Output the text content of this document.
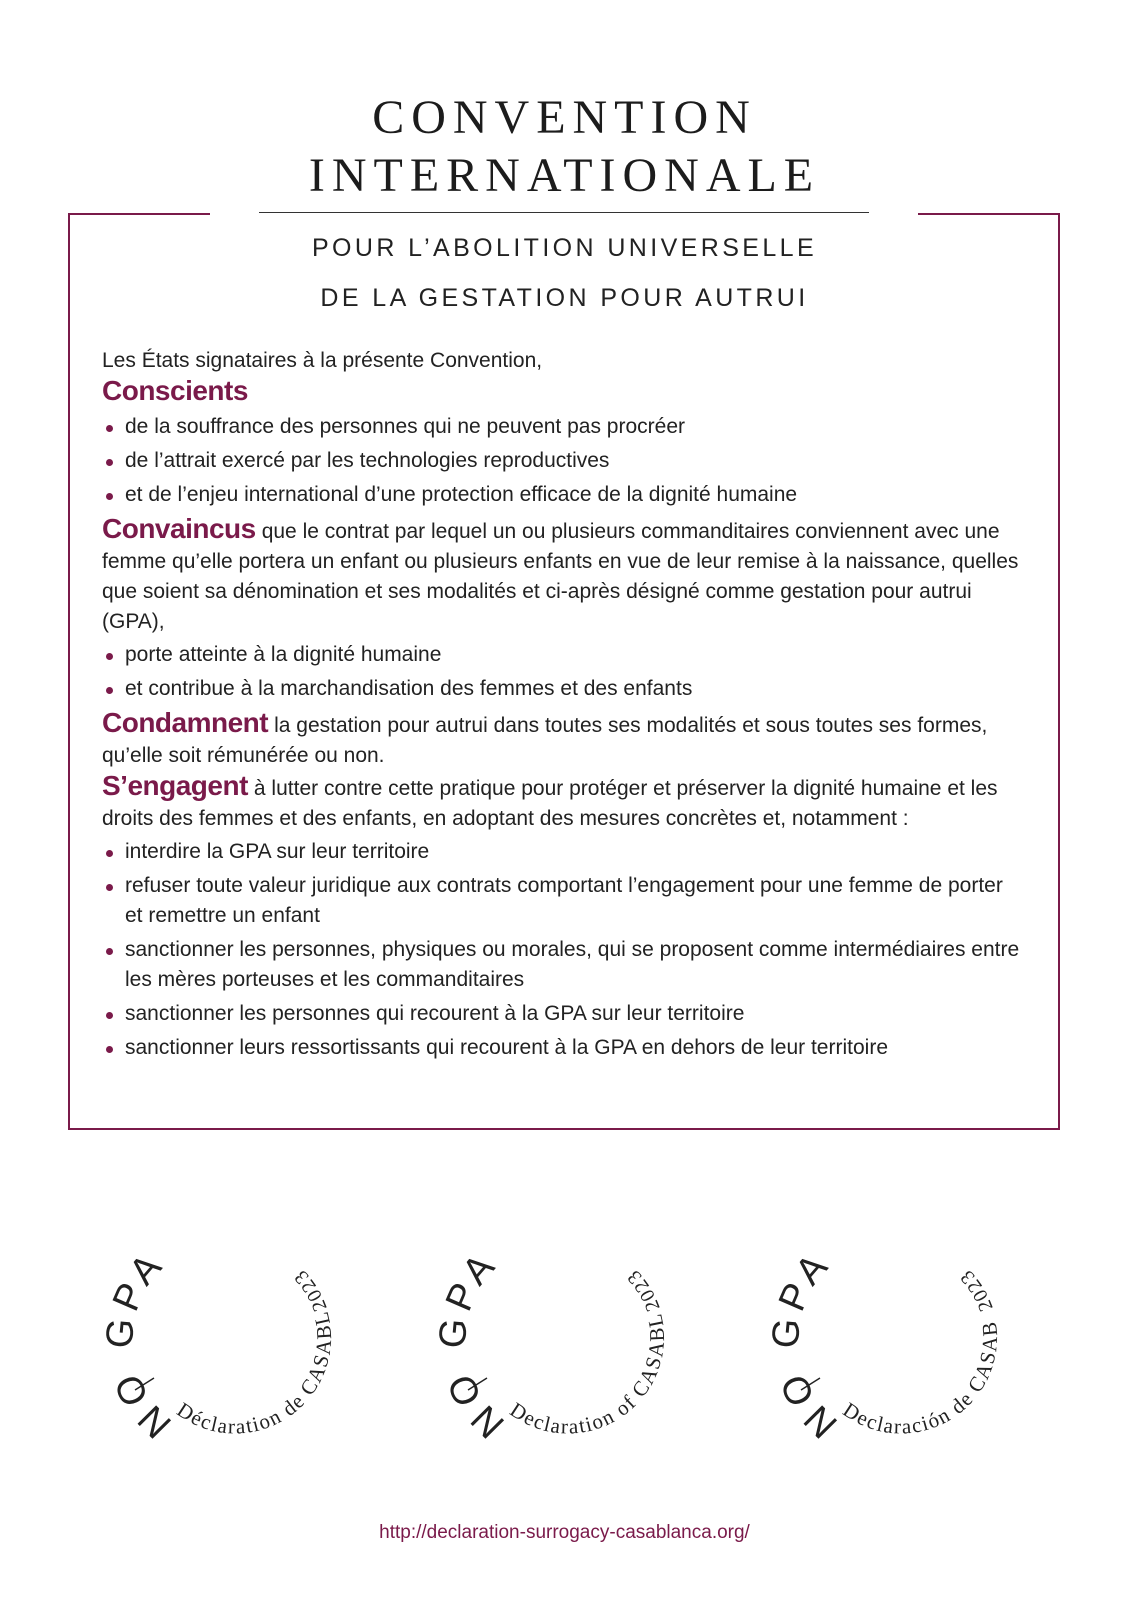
CONVENTION
INTERNATIONALE
POUR L’ABOLITION UNIVERSELLE
DE LA GESTATION POUR AUTRUI

Les États signataires à la présente Convention,

Conscients

de la souffrance des personnes qui ne peuvent pas procréer
de l’attrait exercé par les technologies reproductives
et de l’enjeu international d’une protection efficace de la dignité humaine

Convaincus que le contrat par lequel un ou plusieurs commanditaires conviennent avec une femme qu’elle portera un enfant ou plusieurs enfants en vue de leur remise à la naissance, quelles que soient sa dénomination et ses modalités et ci-après désigné comme gestation pour autrui (GPA),

porte atteinte à la dignité humaine
et contribue à la marchandisation des femmes et des enfants

Condamnent la gestation pour autrui dans toutes ses modalités et sous toutes ses formes, qu’elle soit rémunérée ou non.

S’engagent à lutter contre cette pratique pour protéger et préserver la dignité humaine et les droits des femmes et des enfants, en adoptant des mesures concrètes et, notamment :

interdire la GPA sur leur territoire
refuser toute valeur juridique aux contrats comportant l’engagement pour une femme de porter et remettre un enfant
sanctionner les personnes, physiques ou morales, qui se proposent comme intermédiaires entre les mères porteuses et les commanditaires
sanctionner les personnes qui recourent à la GPA sur leur territoire
sanctionner leurs ressortissants qui recourent à la GPA en dehors de leur territoire
NO GPA
2023
Déclaration de CASABLANCA
NO GPA
2023
Declaration of CASABLANCA
NO GPA
2023
Declaración de CASABLANCA
http://declaration-surrogacy-casablanca.org/
